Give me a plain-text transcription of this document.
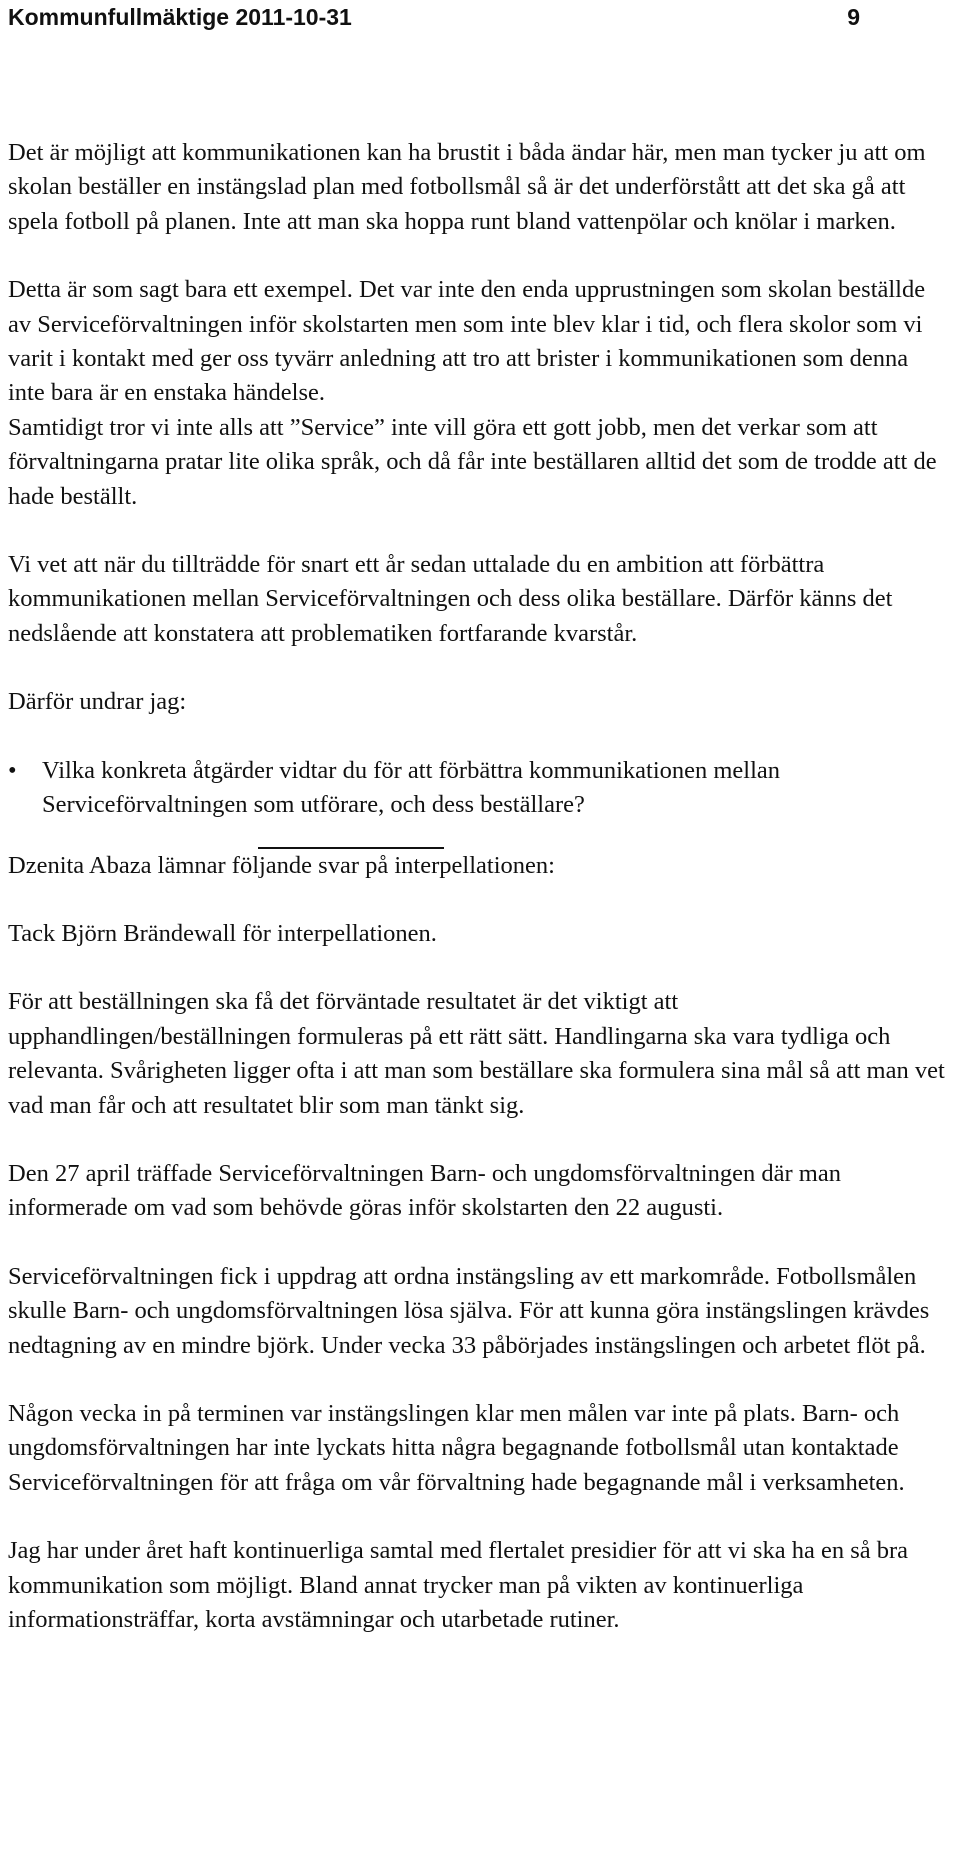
Kommunfullmäktige 2011-10-31	9

Det är möjligt att kommunikationen kan ha brustit i båda ändar här, men man tycker ju att om skolan beställer en instängslad plan med fotbollsmål så är det underförstått att det ska gå att spela fotboll på planen. Inte att man ska hoppa runt bland vattenpölar och knölar i marken.

Detta är som sagt bara ett exempel. Det var inte den enda upprustningen som skolan beställde av Serviceförvaltningen inför skolstarten men som inte blev klar i tid, och flera skolor som vi varit i kontakt med ger oss tyvärr anledning att tro att brister i kommunikationen som denna inte bara är en enstaka händelse.

Samtidigt tror vi inte alls att ”Service” inte vill göra ett gott jobb, men det verkar som att förvaltningarna pratar lite olika språk, och då får inte beställaren alltid det som de trodde att de hade beställt.

Vi vet att när du tillträdde för snart ett år sedan uttalade du en ambition att förbättra kommunikationen mellan Serviceförvaltningen och dess olika beställare. Därför känns det nedslående att konstatera att problematiken fortfarande kvarstår.

Därför undrar jag:

• Vilka konkreta åtgärder vidtar du för att förbättra kommunikationen mellan Serviceförvaltningen som utförare, och dess beställare?

Dzenita Abaza lämnar följande svar på interpellationen:

Tack Björn Brändewall för interpellationen.

För att beställningen ska få det förväntade resultatet är det viktigt att upphandlingen/beställningen formuleras på ett rätt sätt. Handlingarna ska vara tydliga och relevanta. Svårigheten ligger ofta i att man som beställare ska formulera sina mål så att man vet vad man får och att resultatet blir som man tänkt sig.

Den 27 april träffade Serviceförvaltningen Barn- och ungdomsförvaltningen där man informerade om vad som behövde göras inför skolstarten den 22 augusti.

Serviceförvaltningen fick i uppdrag att ordna instängsling av ett markområde. Fotbollsmålen skulle Barn- och ungdomsförvaltningen lösa själva. För att kunna göra instängslingen krävdes nedtagning av en mindre björk. Under vecka 33 påbörjades instängslingen och arbetet flöt på.

Någon vecka in på terminen var instängslingen klar men målen var inte på plats. Barn- och ungdomsförvaltningen har inte lyckats hitta några begagnande fotbollsmål utan kontaktade Serviceförvaltningen för att fråga om vår förvaltning hade begagnande mål i verksamheten.

Jag har under året haft kontinuerliga samtal med flertalet presidier för att vi ska ha en så bra kommunikation som möjligt. Bland annat trycker man på vikten av kontinuerliga informationsträffar, korta avstämningar och utarbetade rutiner.
